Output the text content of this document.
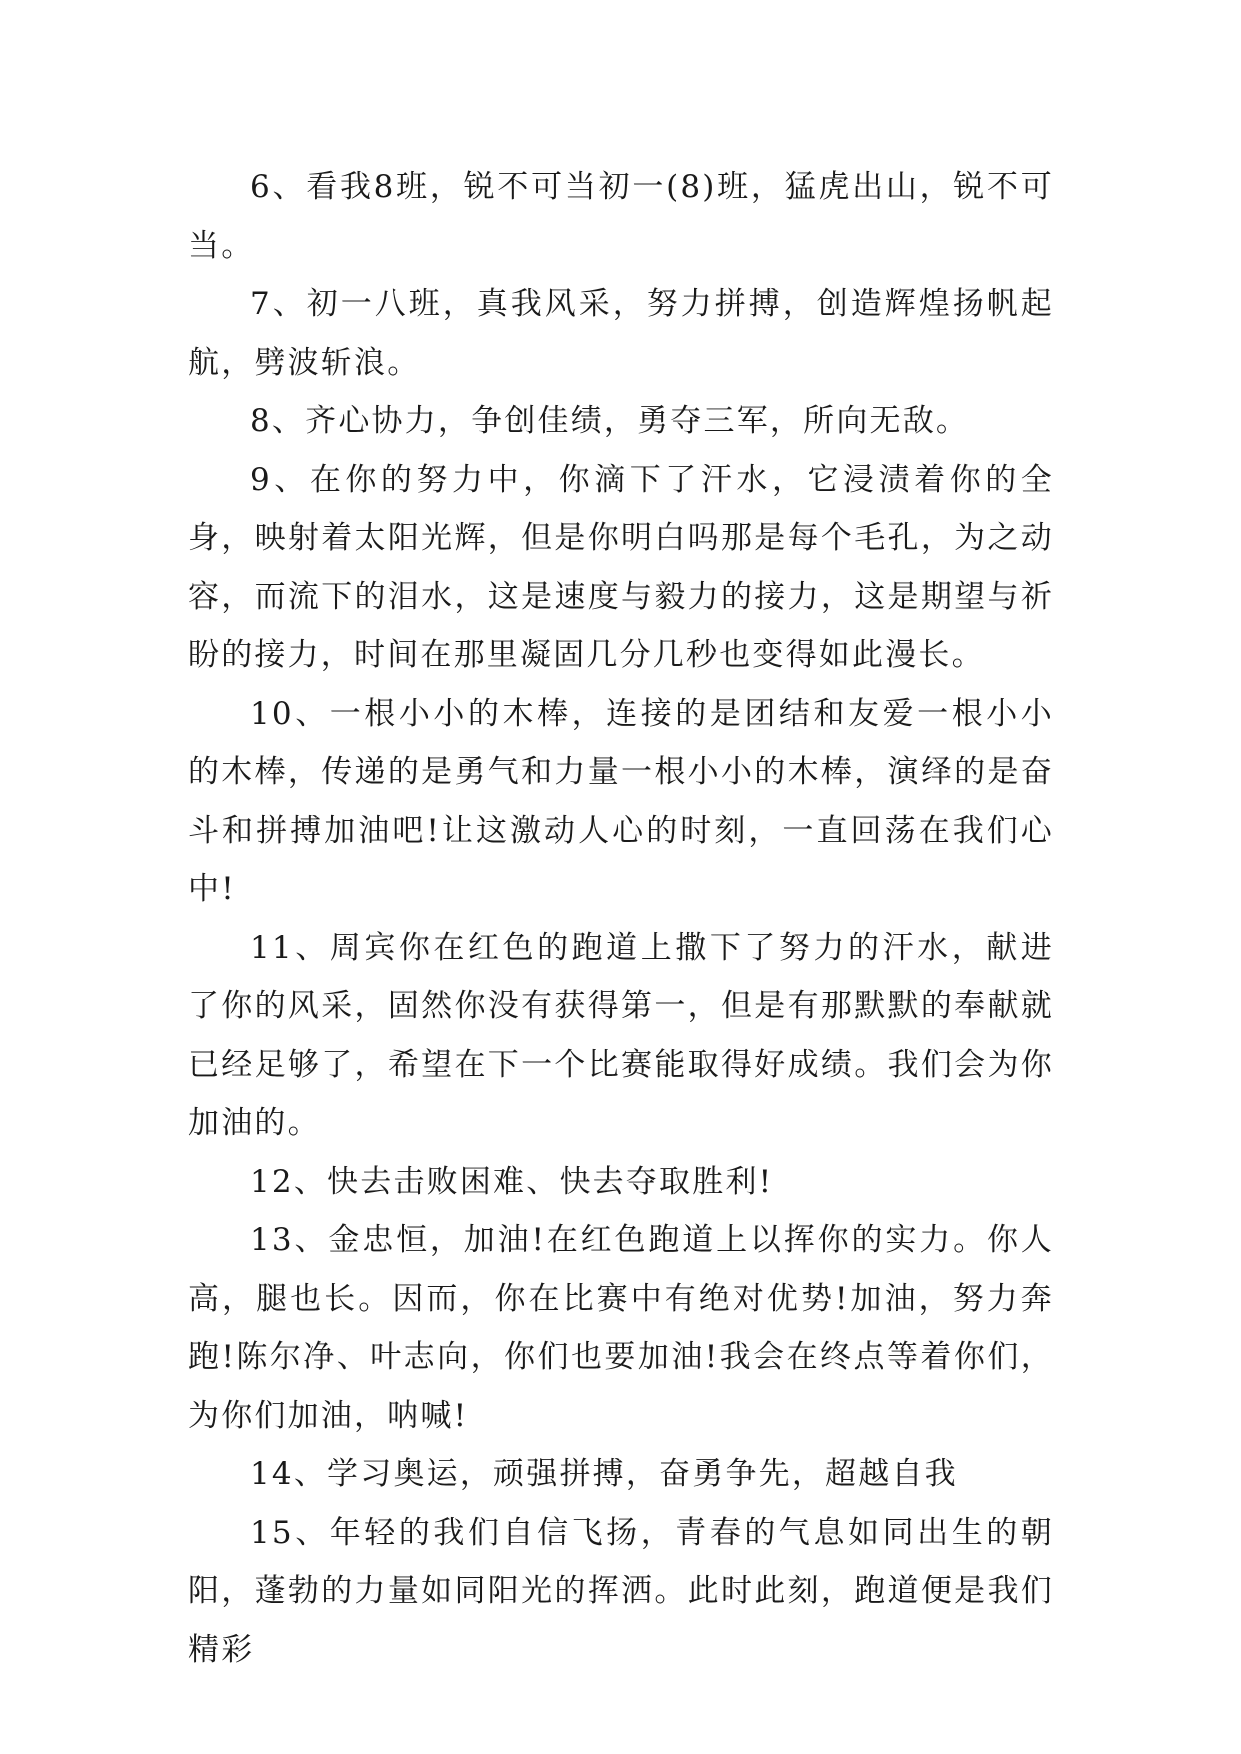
6、看我8班，锐不可当初一(8)班，猛虎出山，锐不可当。

7、初一八班，真我风采，努力拼搏，创造辉煌扬帆起航，劈波斩浪。

8、齐心协力，争创佳绩，勇夺三军，所向无敌。

9、在你的努力中，你滴下了汗水，它浸渍着你的全身，映射着太阳光辉，但是你明白吗那是每个毛孔，为之动容，而流下的泪水，这是速度与毅力的接力，这是期望与祈盼的接力，时间在那里凝固几分几秒也变得如此漫长。

10、一根小小的木棒，连接的是团结和友爱一根小小的木棒，传递的是勇气和力量一根小小的木棒，演绎的是奋斗和拼搏加油吧!让这激动人心的时刻，一直回荡在我们心中!

11、周宾你在红色的跑道上撒下了努力的汗水，献进了你的风采，固然你没有获得第一，但是有那默默的奉献就已经足够了，希望在下一个比赛能取得好成绩。我们会为你加油的。

12、快去击败困难、快去夺取胜利!

13、金忠恒，加油!在红色跑道上以挥你的实力。你人高，腿也长。因而，你在比赛中有绝对优势!加油，努力奔跑!陈尔净、叶志向，你们也要加油!我会在终点等着你们，为你们加油，呐喊!

14、学习奥运，顽强拼搏，奋勇争先，超越自我

15、年轻的我们自信飞扬，青春的气息如同出生的朝阳，蓬勃的力量如同阳光的挥洒。此时此刻，跑道便是我们精彩
